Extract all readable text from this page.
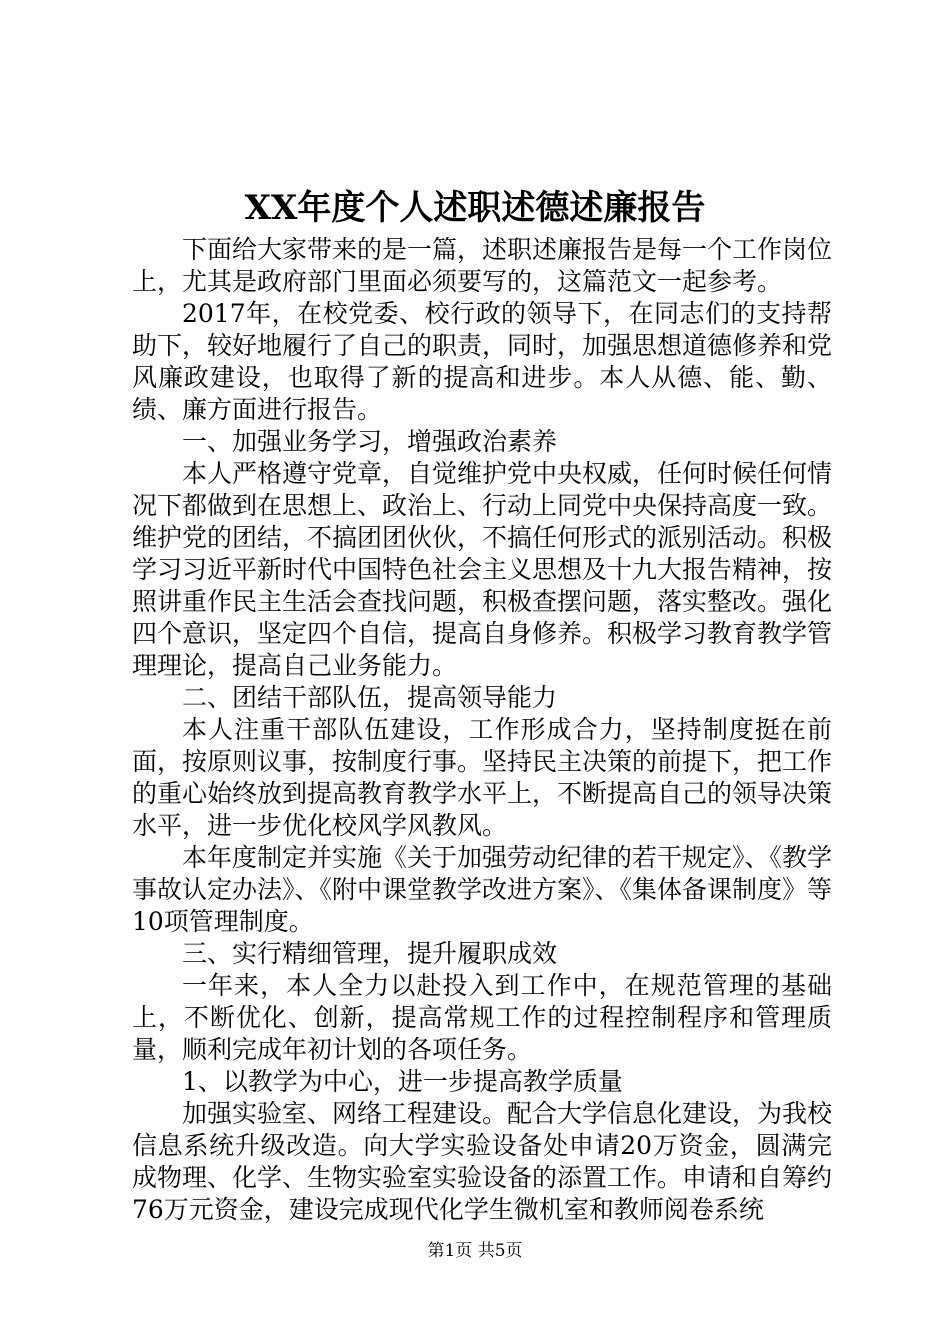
XX年度个人述职述德述廉报告

下面给大家带来的是一篇，述职述廉报告是每一个工作岗位上，尤其是政府部门里面必须要写的，这篇范文一起参考。

2017年，在校党委、校行政的领导下，在同志们的支持帮助下，较好地履行了自己的职责，同时，加强思想道德修养和党风廉政建设，也取得了新的提高和进步。本人从德、能、勤、绩、廉方面进行报告。

一、加强业务学习，增强政治素养

本人严格遵守党章，自觉维护党中央权威，任何时候任何情况下都做到在思想上、政治上、行动上同党中央保持高度一致。维护党的团结，不搞团团伙伙，不搞任何形式的派别活动。积极学习习近平新时代中国特色社会主义思想及十九大报告精神，按照讲重作民主生活会查找问题，积极查摆问题，落实整改。强化四个意识，坚定四个自信，提高自身修养。积极学习教育教学管理理论，提高自己业务能力。

二、团结干部队伍，提高领导能力

本人注重干部队伍建设，工作形成合力，坚持制度挺在前面，按原则议事，按制度行事。坚持民主决策的前提下，把工作的重心始终放到提高教育教学水平上，不断提高自己的领导决策水平，进一步优化校风学风教风。

本年度制定并实施《关于加强劳动纪律的若干规定》、《教学事故认定办法》、《附中课堂教学改进方案》、《集体备课制度》等10项管理制度。

三、实行精细管理，提升履职成效

一年来，本人全力以赴投入到工作中，在规范管理的基础上，不断优化、创新，提高常规工作的过程控制程序和管理质量，顺利完成年初计划的各项任务。

1、以教学为中心，进一步提高教学质量

加强实验室、网络工程建设。配合大学信息化建设，为我校信息系统升级改造。向大学实验设备处申请20万资金，圆满完成物理、化学、生物实验室实验设备的添置工作。申请和自筹约76万元资金，建设完成现代化学生微机室和教师阅卷系统

第1页 共5页
